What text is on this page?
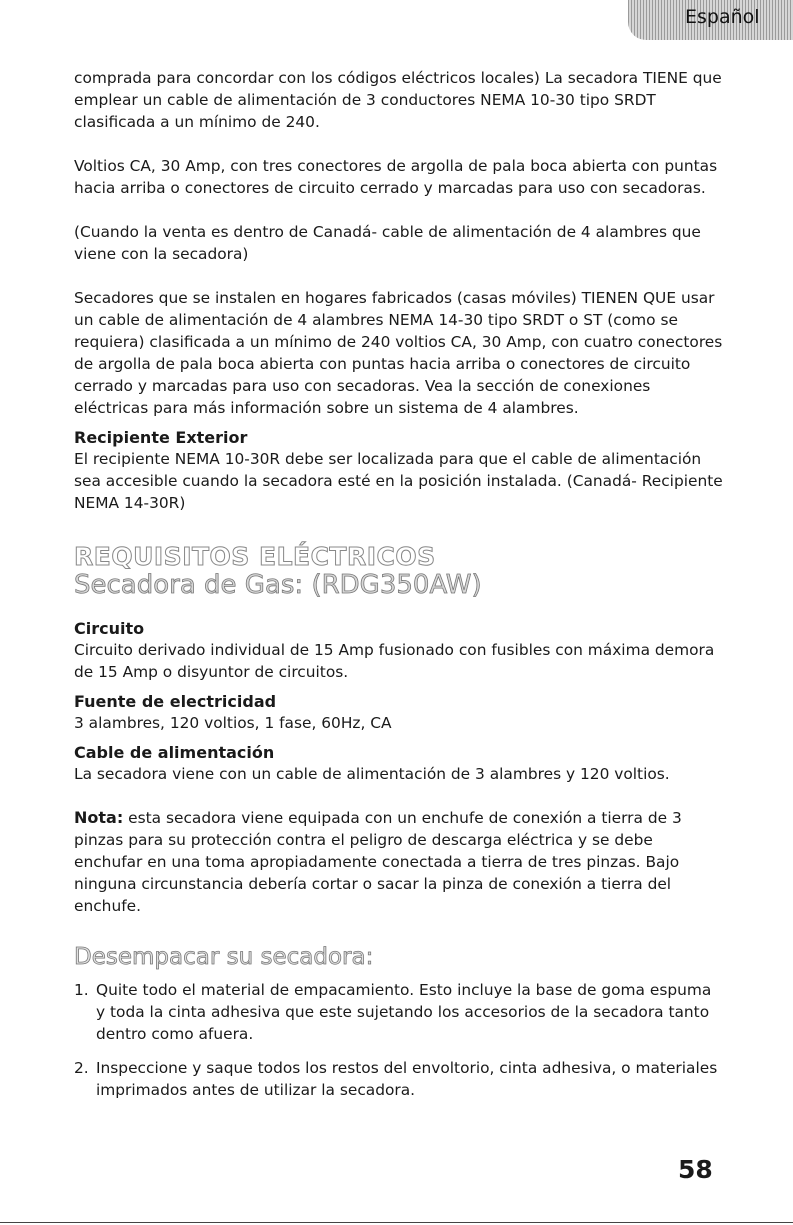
Español

comprada para concordar con los códigos eléctricos locales) La secadora TIENE que emplear un cable de alimentación de 3 conductores NEMA 10-30 tipo SRDT clasificada a un mínimo de 240.

Voltios CA, 30 Amp, con tres conectores de argolla de pala boca abierta con puntas hacia arriba o conectores de circuito cerrado y marcadas para uso con secadoras.

(Cuando la venta es dentro de Canadá- cable de alimentación de 4 alambres que viene con la secadora)

Secadores que se instalen en hogares fabricados (casas móviles) TIENEN QUE usar un cable de alimentación de 4 alambres NEMA 14-30 tipo SRDT o ST (como se requiera) clasificada a un mínimo de 240 voltios CA, 30 Amp, con cuatro conectores de argolla de pala boca abierta con puntas hacia arriba o conectores de circuito cerrado y marcadas para uso con secadoras. Vea la sección de conexiones eléctricas para más información sobre un sistema de 4 alambres.

Recipiente Exterior

El recipiente NEMA 10-30R debe ser localizada para que el cable de alimentación sea accesible cuando la secadora esté en la posición instalada. (Canadá- Recipiente NEMA 14-30R)

REQUISITOS ELÉCTRICOS
Secadora de Gas: (RDG350AW)
Circuito

Circuito derivado individual de 15 Amp fusionado con fusibles con máxima demora de 15 Amp o disyuntor de circuitos.

Fuente de electricidad

3 alambres, 120 voltios, 1 fase, 60Hz, CA

Cable de alimentación

La secadora viene con un cable de alimentación de 3 alambres y 120 voltios.

Nota: esta secadora viene equipada con un enchufe de conexión a tierra de 3 pinzas para su protección contra el peligro de descarga eléctrica y se debe enchufar en una toma apropiadamente conectada a tierra de tres pinzas. Bajo ninguna circunstancia debería cortar o sacar la pinza de conexión a tierra del enchufe.

Desempacar su secadora:
1. Quite todo el material de empacamiento. Esto incluye la base de goma espuma y toda la cinta adhesiva que este sujetando los accesorios de la secadora tanto dentro como afuera.
2. Inspeccione y saque todos los restos del envoltorio, cinta adhesiva, o materiales imprimados antes de utilizar la secadora.
58
